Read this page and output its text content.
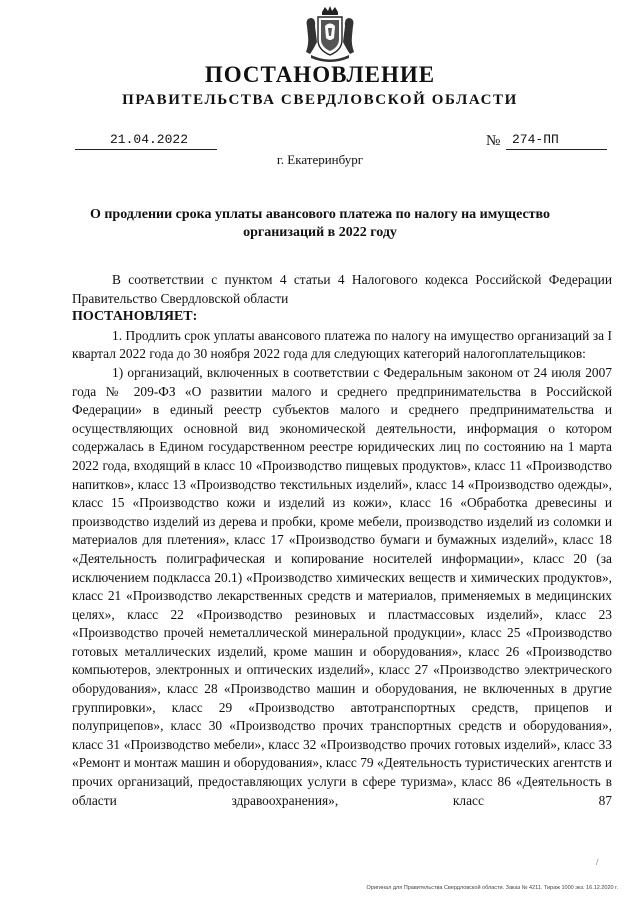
ПОСТАНОВЛЕНИЕ
ПРАВИТЕЛЬСТВА СВЕРДЛОВСКОЙ ОБЛАСТИ
21.04.2022	№ 274-ПП
г. Екатеринбург
О продлении срока уплаты авансового платежа по налогу на имущество организаций в 2022 году

В соответствии с пунктом 4 статьи 4 Налогового кодекса Российской Федерации Правительство Свердловской области

ПОСТАНОВЛЯЕТ:

1. Продлить срок уплаты авансового платежа по налогу на имущество организаций за I квартал 2022 года до 30 ноября 2022 года для следующих категорий налогоплательщиков:

1) организаций, включенных в соответствии с Федеральным законом от 24 июля 2007 года № 209-ФЗ «О развитии малого и среднего предпринимательства в Российской Федерации» в единый реестр субъектов малого и среднего предпринимательства и осуществляющих основной вид экономической деятельности, информация о котором содержалась в Едином государственном реестре юридических лиц по состоянию на 1 марта 2022 года, входящий в класс 10 «Производство пищевых продуктов», класс 11 «Производство напитков», класс 13 «Производство текстильных изделий», класс 14 «Производство одежды», класс 15 «Производство кожи и изделий из кожи», класс 16 «Обработка древесины и производство изделий из дерева и пробки, кроме мебели, производство изделий из соломки и материалов для плетения», класс 17 «Производство бумаги и бумажных изделий», класс 18 «Деятельность полиграфическая и копирование носителей информации», класс 20 (за исключением подкласса 20.1) «Производство химических веществ и химических продуктов», класс 21 «Производство лекарственных средств и материалов, применяемых в медицинских целях», класс 22 «Производство резиновых и пластмассовых изделий», класс 23 «Производство прочей неметаллической минеральной продукции», класс 25 «Производство готовых металлических изделий, кроме машин и оборудования», класс 26 «Производство компьютеров, электронных и оптических изделий», класс 27 «Производство электрического оборудования», класс 28 «Производство машин и оборудования, не включенных в другие группировки», класс 29 «Производство автотранспортных средств, прицепов и полуприцепов», класс 30 «Производство прочих транспортных средств и оборудования», класс 31 «Производство мебели», класс 32 «Производство прочих готовых изделий», класс 33 «Ремонт и монтаж машин и оборудования», класс 79 «Деятельность туристических агентств и прочих организаций, предоставляющих услуги в сфере туризма», класс 86 «Деятельность в области здравоохранения», класс 87

/
Оригинал для Правительства Свердловской области. Заказ № 4211. Тираж 1000 экз. 16.12.2020 г.
